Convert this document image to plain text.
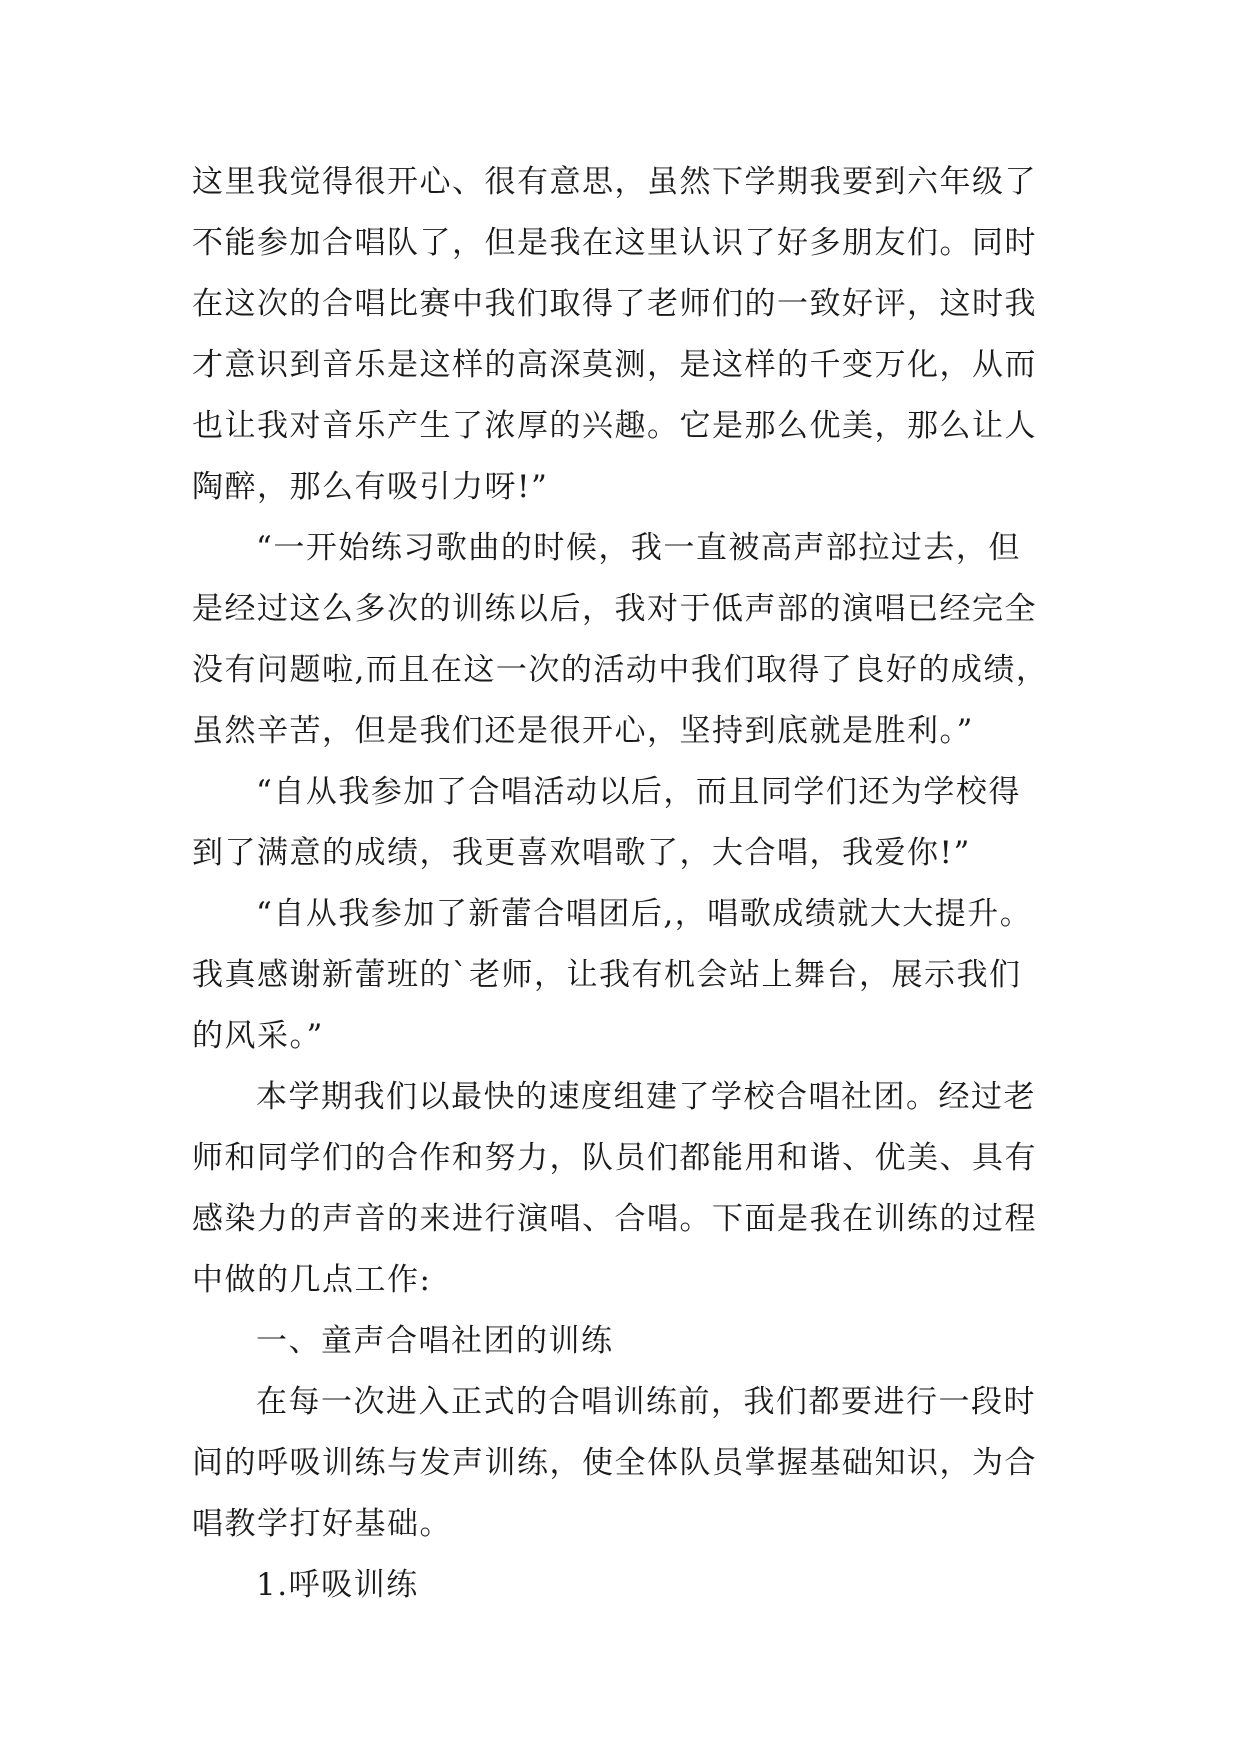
这里我觉得很开心、很有意思，虽然下学期我要到六年级了
不能参加合唱队了，但是我在这里认识了好多朋友们。同时
在这次的合唱比赛中我们取得了老师们的一致好评，这时我
才意识到音乐是这样的高深莫测，是这样的千变万化，从而
也让我对音乐产生了浓厚的兴趣。它是那么优美，那么让人
陶醉，那么有吸引力呀!”
“一开始练习歌曲的时候，我一直被高声部拉过去，但
是经过这么多次的训练以后，我对于低声部的演唱已经完全
没有问题啦,而且在这一次的活动中我们取得了良好的成绩，
虽然辛苦，但是我们还是很开心，坚持到底就是胜利。”
“自从我参加了合唱活动以后，而且同学们还为学校得
到了满意的成绩，我更喜欢唱歌了，大合唱，我爱你!”
“自从我参加了新蕾合唱团后,，唱歌成绩就大大提升。
我真感谢新蕾班的`老师，让我有机会站上舞台，展示我们
的风采。”
本学期我们以最快的速度组建了学校合唱社团。经过老
师和同学们的合作和努力，队员们都能用和谐、优美、具有
感染力的声音的来进行演唱、合唱。下面是我在训练的过程
中做的几点工作:
一、童声合唱社团的训练
在每一次进入正式的合唱训练前，我们都要进行一段时
间的呼吸训练与发声训练，使全体队员掌握基础知识，为合
唱教学打好基础。
1.呼吸训练
